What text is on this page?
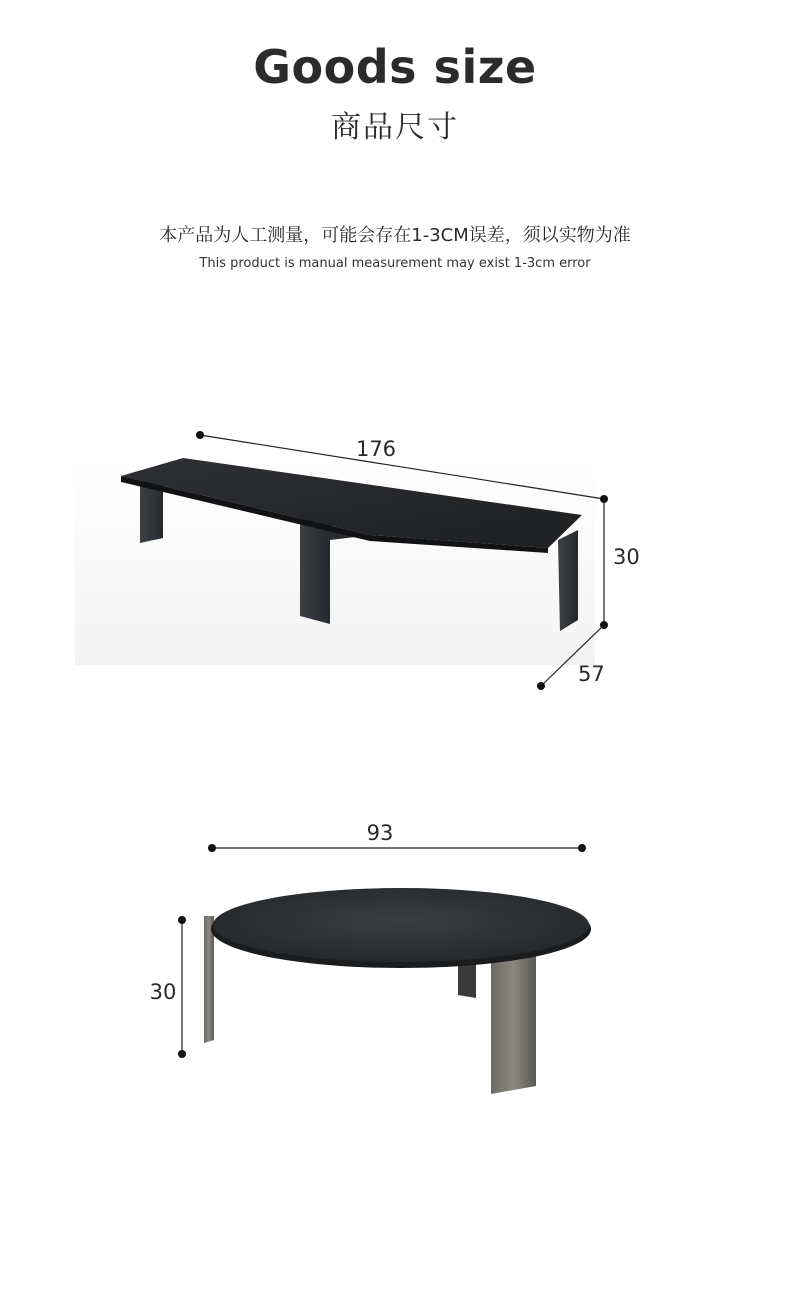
Goods size
商品尺寸
本产品为人工测量，可能会存在1-3CM误差，须以实物为准
This product is manual measurement may exist 1-3cm error
176
30
57
93
30
